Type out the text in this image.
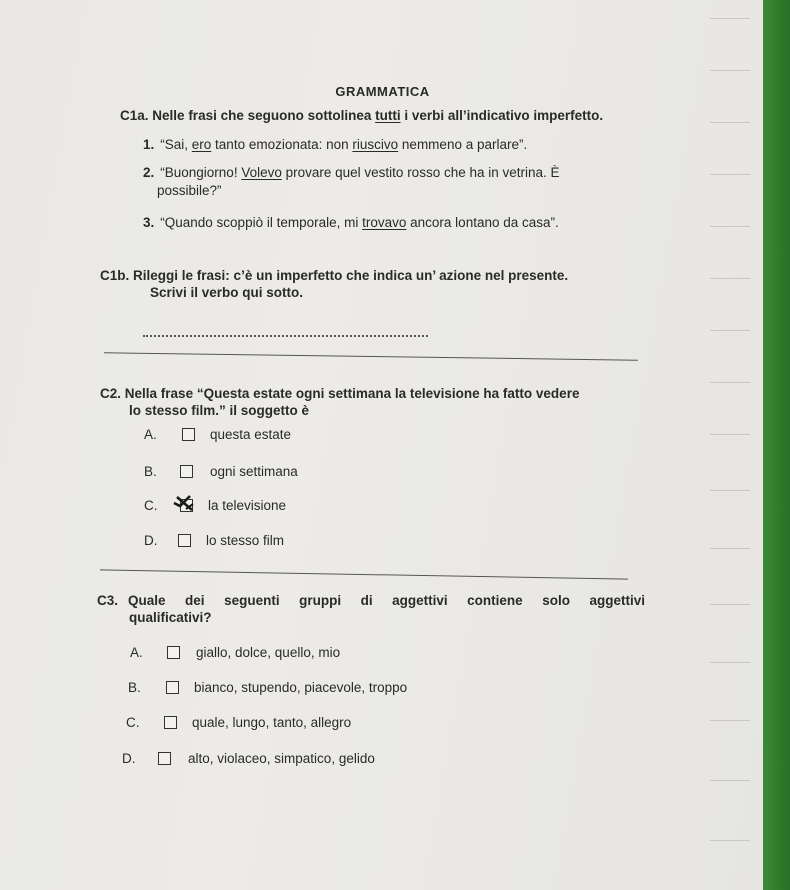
GRAMMATICA
C1a. Nelle frasi che seguono sottolinea tutti i verbi all’indicativo imperfetto.
1. “Sai, ero tanto emozionata: non riuscivo nemmeno a parlare”.
2. “Buongiorno! Volevo provare quel vestito rosso che ha in vetrina. È
possibile?”
3. “Quando scoppiò il temporale, mi trovavo ancora lontano da casa”.
C1b. Rileggi le frasi: c’è un imperfetto che indica un’ azione nel presente.
Scrivi il verbo qui sotto.
C2. Nella frase “Questa estate ogni settimana la televisione ha fatto vedere
lo stesso film.” il soggetto è
A.	questa estate
B.	ogni settimana
C.	la televisione
D.	lo stesso film
C3. Quale dei seguenti gruppi di aggettivi contiene solo aggettivi
qualificativi?
A.	giallo, dolce, quello, mio
B.	bianco, stupendo, piacevole, troppo
C.	quale, lungo, tanto, allegro
D.	alto, violaceo, simpatico, gelido
